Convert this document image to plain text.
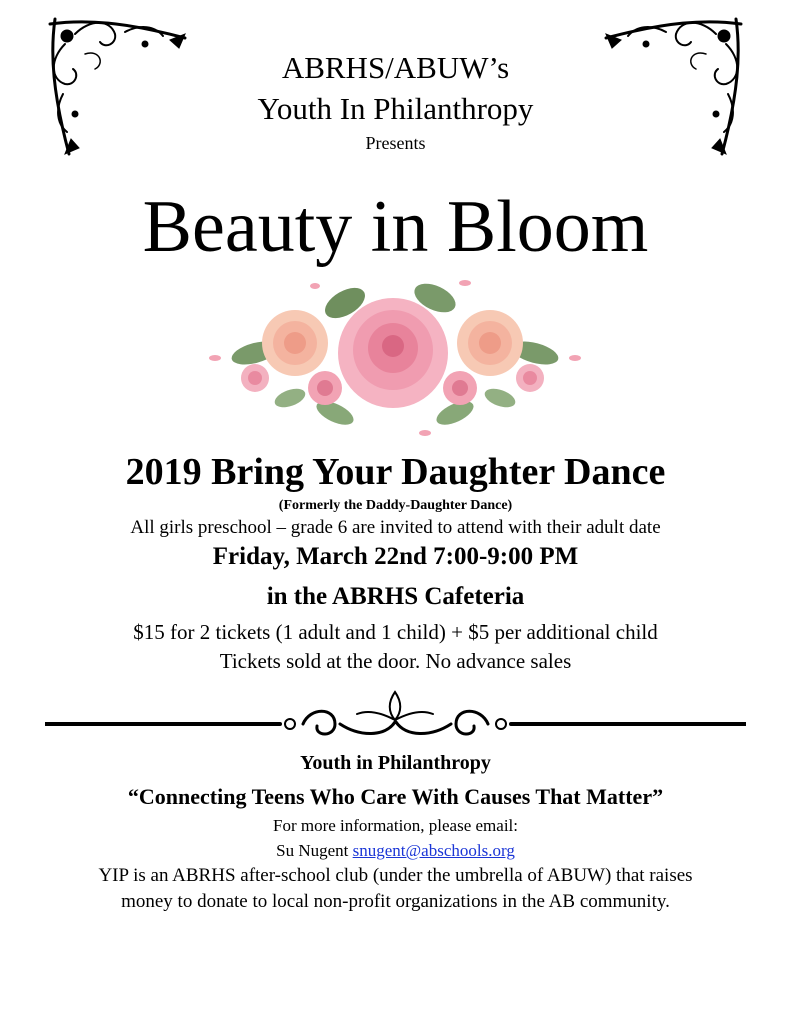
ABRHS/ABUW’s
Youth In Philanthropy
Presents
Beauty in Bloom
2019 Bring Your Daughter Dance
(Formerly the Daddy-Daughter Dance)
All girls preschool – grade 6 are invited to attend with their adult date
Friday, March 22nd 7:00-9:00 PM
in the ABRHS Cafeteria
$15 for 2 tickets (1 adult and 1 child) + $5 per additional child
Tickets sold at the door. No advance sales
Youth in Philanthropy
“Connecting Teens Who Care With Causes That Matter”
For more information, please email:
Su Nugent snugent@abschools.org
YIP is an ABRHS after-school club (under the umbrella of ABUW) that raises
money to donate to local non-profit organizations in the AB community.
